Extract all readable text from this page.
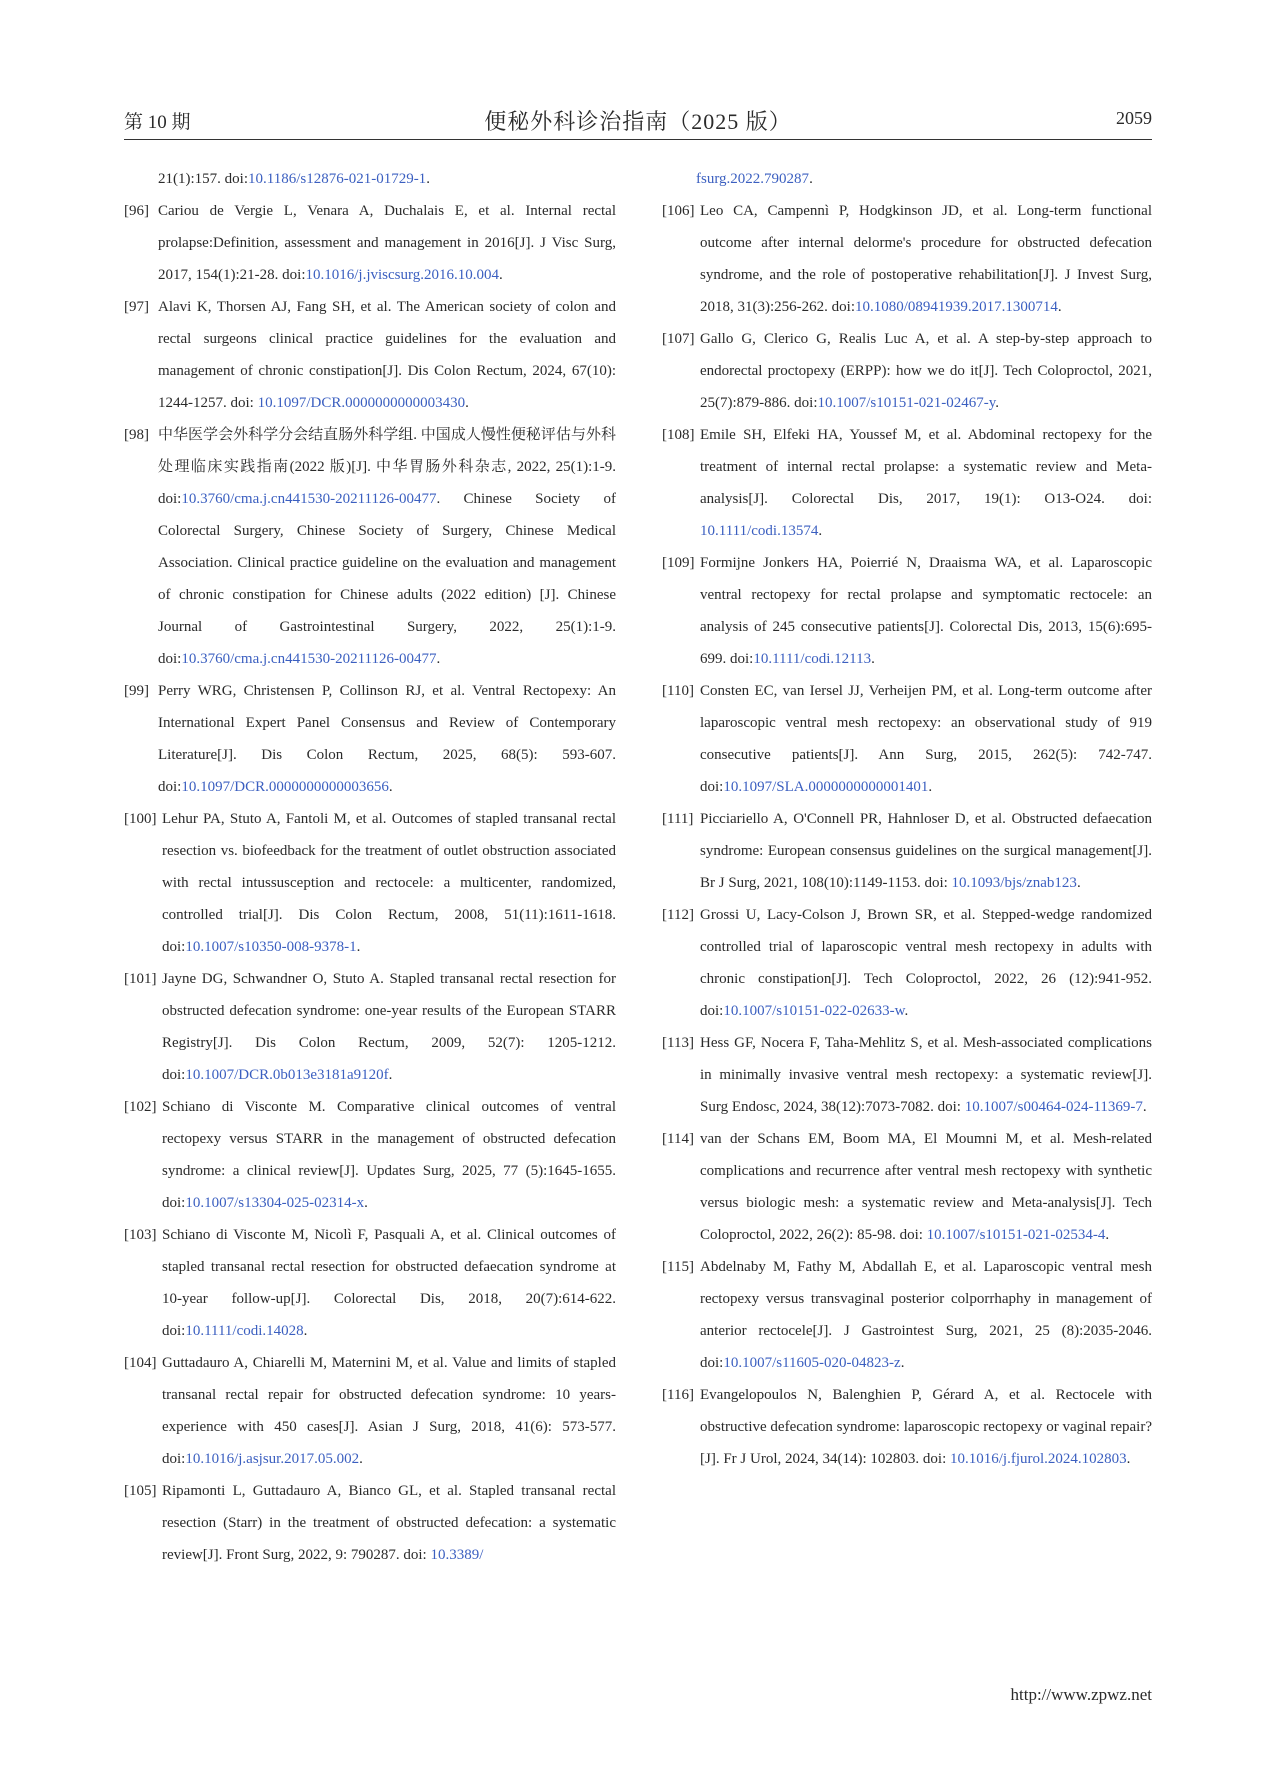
第 10 期	便秘外科诊治指南（2025 版）	2059
21(1):157. doi:10.1186/s12876-021-01729-1.
[96] Cariou de Vergie L, Venara A, Duchalais E, et al. Internal rectal prolapse:Definition, assessment and management in 2016[J]. J Visc Surg, 2017, 154(1):21-28. doi:10.1016/j.jviscsurg.2016.10.004.
[97] Alavi K, Thorsen AJ, Fang SH, et al. The American society of colon and rectal surgeons clinical practice guidelines for the evaluation and management of chronic constipation[J]. Dis Colon Rectum, 2024, 67(10): 1244-1257. doi: 10.1097/DCR.0000000000003430.
[98] 中华医学会外科学分会结直肠外科学组. 中国成人慢性便秘评估与外科处理临床实践指南(2022 版)[J]. 中华胃肠外科杂志, 2022, 25(1):1-9. doi:10.3760/cma.j.cn441530-20211126-00477. Chinese Society of Colorectal Surgery, Chinese Society of Surgery, Chinese Medical Association. Clinical practice guideline on the evaluation and management of chronic constipation for Chinese adults (2022 edition) [J]. Chinese Journal of Gastrointestinal Surgery, 2022, 25(1):1-9. doi:10.3760/cma.j.cn441530-20211126-00477.
[99] Perry WRG, Christensen P, Collinson RJ, et al. Ventral Rectopexy: An International Expert Panel Consensus and Review of Contemporary Literature[J]. Dis Colon Rectum, 2025, 68(5): 593-607. doi:10.1097/DCR.0000000000003656.
[100] Lehur PA, Stuto A, Fantoli M, et al. Outcomes of stapled transanal rectal resection vs. biofeedback for the treatment of outlet obstruction associated with rectal intussusception and rectocele: a multicenter, randomized, controlled trial[J]. Dis Colon Rectum, 2008, 51(11):1611-1618. doi:10.1007/s10350-008-9378-1.
[101] Jayne DG, Schwandner O, Stuto A. Stapled transanal rectal resection for obstructed defecation syndrome: one-year results of the European STARR Registry[J]. Dis Colon Rectum, 2009, 52(7): 1205-1212. doi:10.1007/DCR.0b013e3181a9120f.
[102] Schiano di Visconte M. Comparative clinical outcomes of ventral rectopexy versus STARR in the management of obstructed defecation syndrome: a clinical review[J]. Updates Surg, 2025, 77 (5):1645-1655. doi:10.1007/s13304-025-02314-x.
[103] Schiano di Visconte M, Nicolì F, Pasquali A, et al. Clinical outcomes of stapled transanal rectal resection for obstructed defaecation syndrome at 10-year follow-up[J]. Colorectal Dis, 2018, 20(7):614-622. doi:10.1111/codi.14028.
[104] Guttadauro A, Chiarelli M, Maternini M, et al. Value and limits of stapled transanal rectal repair for obstructed defecation syndrome: 10 years-experience with 450 cases[J]. Asian J Surg, 2018, 41(6): 573-577. doi:10.1016/j.asjsur.2017.05.002.
[105] Ripamonti L, Guttadauro A, Bianco GL, et al. Stapled transanal rectal resection (Starr) in the treatment of obstructed defecation: a systematic review[J]. Front Surg, 2022, 9: 790287. doi: 10.3389/
fsurg.2022.790287.
[106] Leo CA, Campennì P, Hodgkinson JD, et al. Long-term functional outcome after internal delorme's procedure for obstructed defecation syndrome, and the role of postoperative rehabilitation[J]. J Invest Surg, 2018, 31(3):256-262. doi:10.1080/08941939.2017.1300714.
[107] Gallo G, Clerico G, Realis Luc A, et al. A step-by-step approach to endorectal proctopexy (ERPP): how we do it[J]. Tech Coloproctol, 2021, 25(7):879-886. doi:10.1007/s10151-021-02467-y.
[108] Emile SH, Elfeki HA, Youssef M, et al. Abdominal rectopexy for the treatment of internal rectal prolapse: a systematic review and Meta-analysis[J]. Colorectal Dis, 2017, 19(1): O13-O24. doi: 10.1111/codi.13574.
[109] Formijne Jonkers HA, Poierrié N, Draaisma WA, et al. Laparoscopic ventral rectopexy for rectal prolapse and symptomatic rectocele: an analysis of 245 consecutive patients[J]. Colorectal Dis, 2013, 15(6):695-699. doi:10.1111/codi.12113.
[110] Consten EC, van Iersel JJ, Verheijen PM, et al. Long-term outcome after laparoscopic ventral mesh rectopexy: an observational study of 919 consecutive patients[J]. Ann Surg, 2015, 262(5): 742-747. doi:10.1097/SLA.0000000000001401.
[111] Picciariello A, O'Connell PR, Hahnloser D, et al. Obstructed defaecation syndrome: European consensus guidelines on the surgical management[J]. Br J Surg, 2021, 108(10):1149-1153. doi: 10.1093/bjs/znab123.
[112] Grossi U, Lacy-Colson J, Brown SR, et al. Stepped-wedge randomized controlled trial of laparoscopic ventral mesh rectopexy in adults with chronic constipation[J]. Tech Coloproctol, 2022, 26 (12):941-952. doi:10.1007/s10151-022-02633-w.
[113] Hess GF, Nocera F, Taha-Mehlitz S, et al. Mesh-associated complications in minimally invasive ventral mesh rectopexy: a systematic review[J]. Surg Endosc, 2024, 38(12):7073-7082. doi: 10.1007/s00464-024-11369-7.
[114] van der Schans EM, Boom MA, El Moumni M, et al. Mesh-related complications and recurrence after ventral mesh rectopexy with synthetic versus biologic mesh: a systematic review and Meta-analysis[J]. Tech Coloproctol, 2022, 26(2): 85-98. doi: 10.1007/s10151-021-02534-4.
[115] Abdelnaby M, Fathy M, Abdallah E, et al. Laparoscopic ventral mesh rectopexy versus transvaginal posterior colporrhaphy in management of anterior rectocele[J]. J Gastrointest Surg, 2021, 25 (8):2035-2046. doi:10.1007/s11605-020-04823-z.
[116] Evangelopoulos N, Balenghien P, Gérard A, et al. Rectocele with obstructive defecation syndrome: laparoscopic rectopexy or vaginal repair? [J]. Fr J Urol, 2024, 34(14): 102803. doi: 10.1016/j.fjurol.2024.102803.
http://www.zpwz.net
